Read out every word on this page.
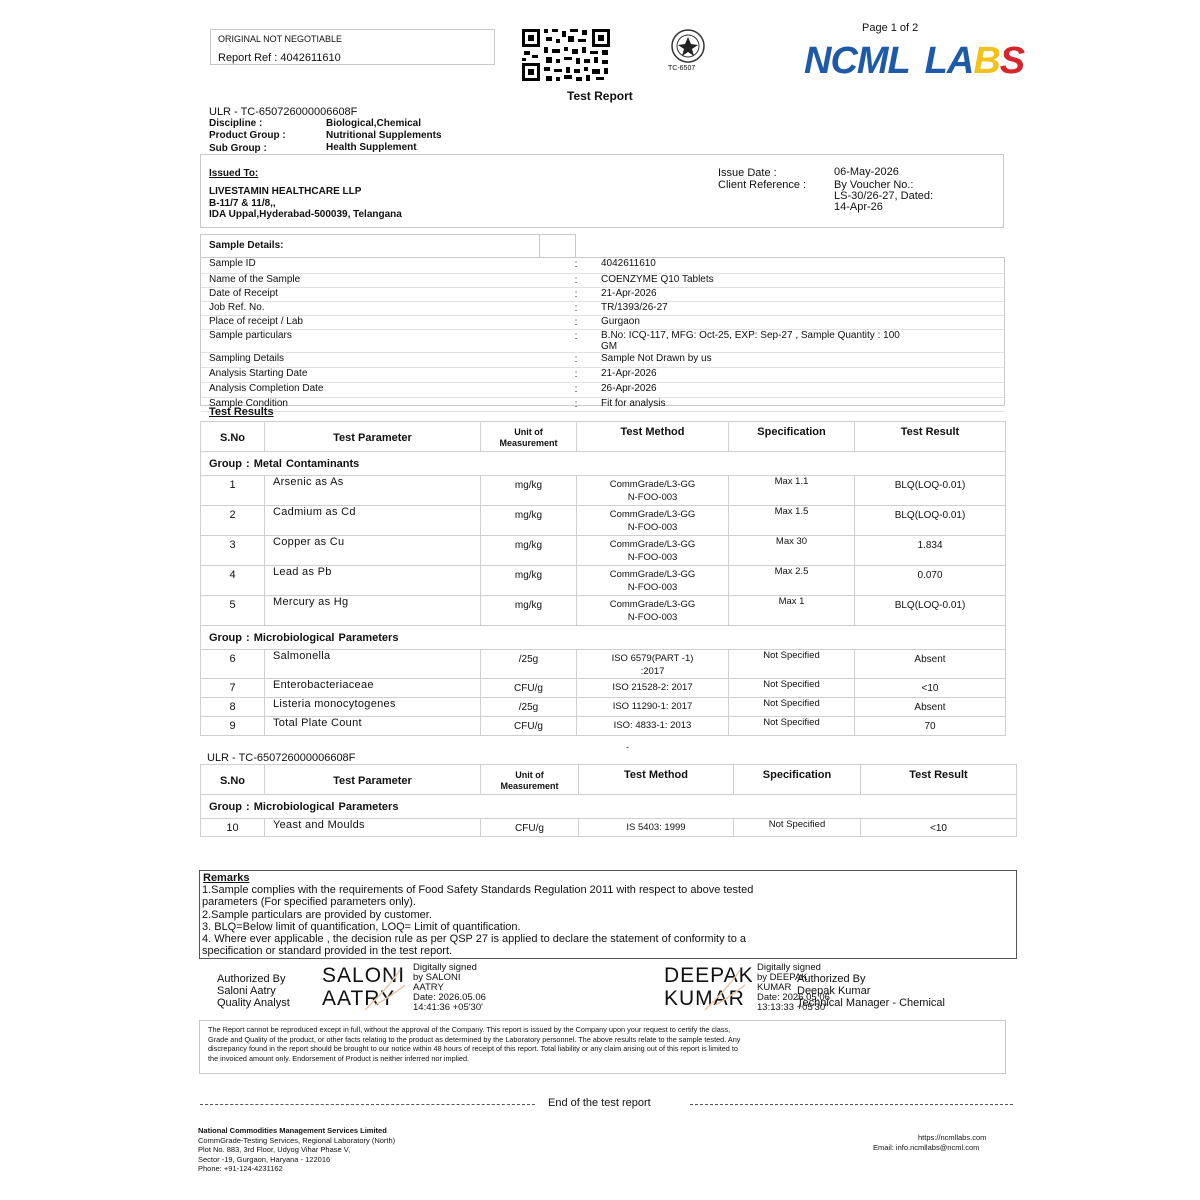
ORIGINAL NOT NEGOTIABLE
Report Ref : 4042611610
TC-6507
Page 1 of 2
NCML LABS
Test Report
ULR - TC-650726000006608F
Discipline :	Biological,Chemical
Product Group :	Nutritional Supplements
Sub Group :	Health Supplement
Issued To:
LIVESTAMIN HEALTHCARE LLP
B-11/7 & 11/8,,
IDA Uppal,Hyderabad-500039, Telangana
Issue Date :	06-May-2026
Client Reference :	By Voucher No.:
LS-30/26-27, Dated:
14-Apr-26
Sample Details:
Sample ID	:	4042611610

Name of the Sample	:	COENZYME Q10 Tablets

Date of Receipt	:	21-Apr-2026

Job Ref. No.	:	TR/1393/26-27

Place of receipt / Lab	:	Gurgaon

Sample particulars	:	B.No: ICQ-117, MFG: Oct-25, EXP: Sep-27 , Sample Quantity : 100
GM

Sampling Details	:	Sample Not Drawn by us

Analysis Starting Date	:	21-Apr-2026

Analysis Completion Date	:	26-Apr-2026

Sample Condition	:	Fit for analysis
Test Results
S.No	Test Parameter	Unit of
Measurement	Test Method	Specification	Test Result
Group : Metal Contaminants					
1	Arsenic as As	mg/kg	CommGrade/L3-GG
N-FOO-003	Max 1.1	BLQ(LOQ-0.01)
2	Cadmium as Cd	mg/kg	CommGrade/L3-GG
N-FOO-003	Max 1.5	BLQ(LOQ-0.01)
3	Copper as Cu	mg/kg	CommGrade/L3-GG
N-FOO-003	Max 30	1.834
4	Lead as Pb	mg/kg	CommGrade/L3-GG
N-FOO-003	Max 2.5	0.070
5	Mercury as Hg	mg/kg	CommGrade/L3-GG
N-FOO-003	Max 1	BLQ(LOQ-0.01)
Group : Microbiological Parameters					
6	Salmonella	/25g	ISO 6579(PART -1)
:2017	Not Specified	Absent
7	Enterobacteriaceae	CFU/g	ISO 21528-2: 2017	Not Specified	<10
8	Listeria monocytogenes	/25g	ISO 11290-1: 2017	Not Specified	Absent
9	Total Plate Count	CFU/g	ISO: 4833-1: 2013	Not Specified	70
-
ULR - TC-650726000006608F
S.No	Test Parameter	Unit of
Measurement	Test Method	Specification	Test Result
Group : Microbiological Parameters					
10	Yeast and Moulds	CFU/g	IS 5403: 1999	Not Specified	<10
Remarks
1.Sample complies with the requirements of Food Safety Standards Regulation 2011 with respect to above tested
parameters (For specified parameters only).
2.Sample particulars are provided by customer.
3. BLQ=Below limit of quantification, LOQ= Limit of quantification.
4. Where ever applicable , the decision rule as per QSP 27 is applied to declare the statement of conformity to a
specification or standard provided in the test report.
Authorized By
Saloni Aatry
Quality Analyst
SALONI
AATRY
Digitally signed
by SALONI
AATRY
Date: 2026.05.06
14:41:36 +05'30'
DEEPAK
KUMAR
Digitally signed
by DEEPAK
KUMAR
Date: 2026.05.06
13:13:33 +05'30'
Authorized By
Deepak Kumar
Technical Manager - Chemical
The Report cannot be reproduced except in full, without the approval of the Company. This report is issued by the Company upon your request to certify the class,
Grade and Quality of the product, or other facts relating to the product as determined by the Laboratory personnel. The above results relate to the sample tested. Any
discrepancy found in the report should be brought to our notice within 48 hours of receipt of this report. Total liability or any claim arising out of this report is limited to
the invoiced amount only. Endorsement of Product is neither inferred nor implied.
End of the test report
National Commodities Management Services Limited
CommGrade-Testing Services, Regional Laboratory (North)
Plot No. 883, 3rd Floor, Udyog Vihar Phase V,
Sector -19, Gurgaon, Haryana - 122016
Phone: +91-124-4231162
https://ncmllabs.com
Email: info.ncmllabs@ncml.com
